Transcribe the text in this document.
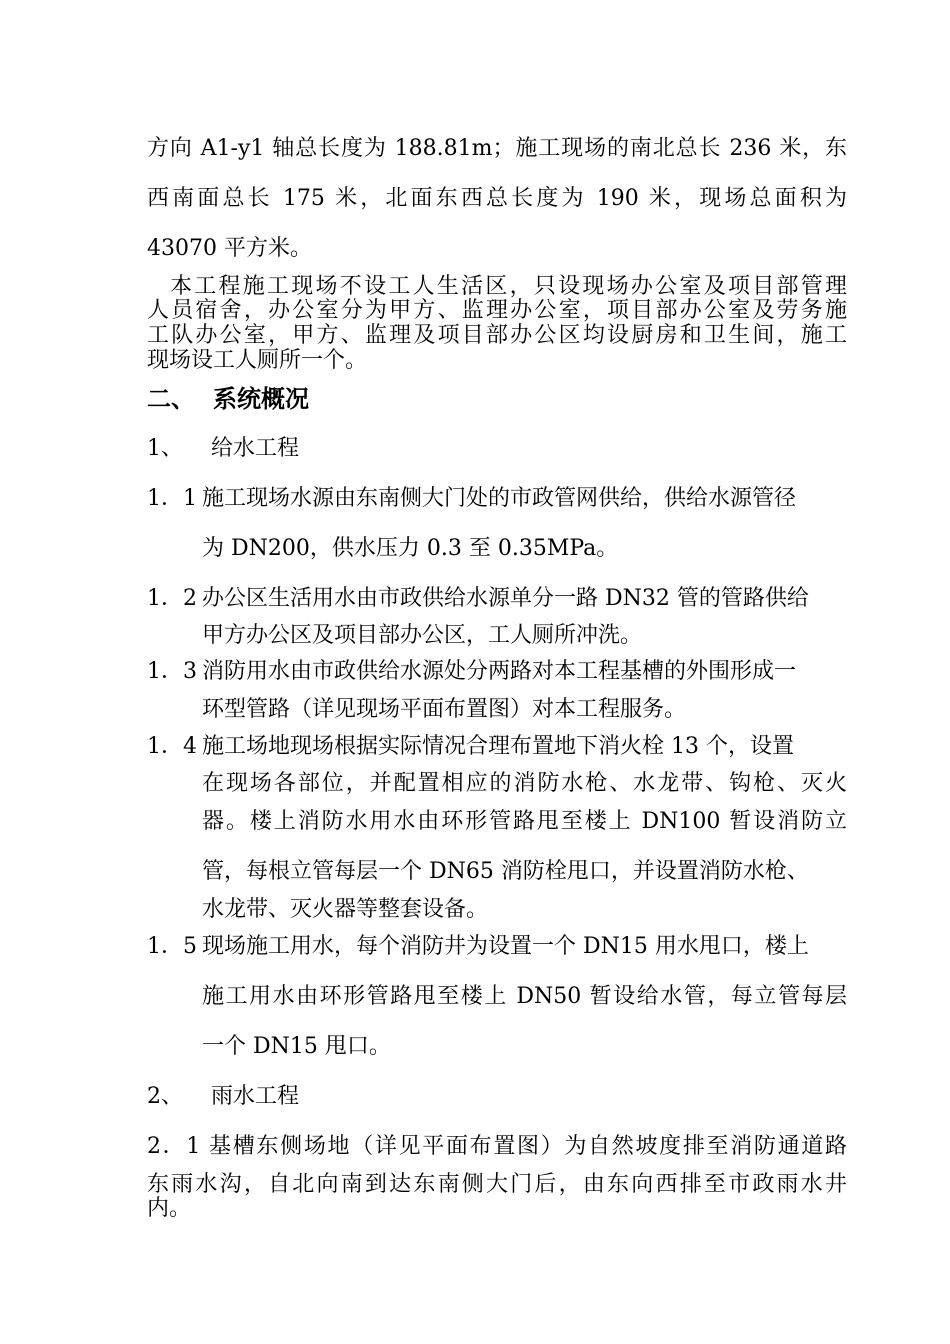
方向 A1-y1 轴总长度为 188.81m；施工现场的南北总长 236 米，东
西南面总长 175 米，北面东西总长度为 190 米，现场总面积为
43070 平方米。
本工程施工现场不设工人生活区，只设现场办公室及项目部管理
人员宿舍，办公室分为甲方、监理办公室，项目部办公室及劳务施
工队办公室，甲方、监理及项目部办公区均设厨房和卫生间，施工
现场设工人厕所一个。
二、 系统概况
1、 给水工程
1．1 施工现场水源由东南侧大门处的市政管网供给，供给水源管径
为 DN200，供水压力 0.3 至 0.35MPa。
1．2 办公区生活用水由市政供给水源单分一路 DN32 管的管路供给
甲方办公区及项目部办公区，工人厕所冲洗。
1．3 消防用水由市政供给水源处分两路对本工程基槽的外围形成一
环型管路（详见现场平面布置图）对本工程服务。
1．4 施工场地现场根据实际情况合理布置地下消火栓 13 个，设置
在现场各部位，并配置相应的消防水枪、水龙带、钩枪、灭火
器。楼上消防水用水由环形管路甩至楼上 DN100 暂设消防立
管，每根立管每层一个 DN65 消防栓甩口，并设置消防水枪、
水龙带、灭火器等整套设备。
1．5 现场施工用水，每个消防井为设置一个 DN15 用水甩口，楼上
施工用水由环形管路甩至楼上 DN50 暂设给水管，每立管每层
一个 DN15 甩口。
2、 雨水工程
2．1 基槽东侧场地（详见平面布置图）为自然坡度排至消防通道路
东雨水沟，自北向南到达东南侧大门后，由东向西排至市政雨水井
内。
